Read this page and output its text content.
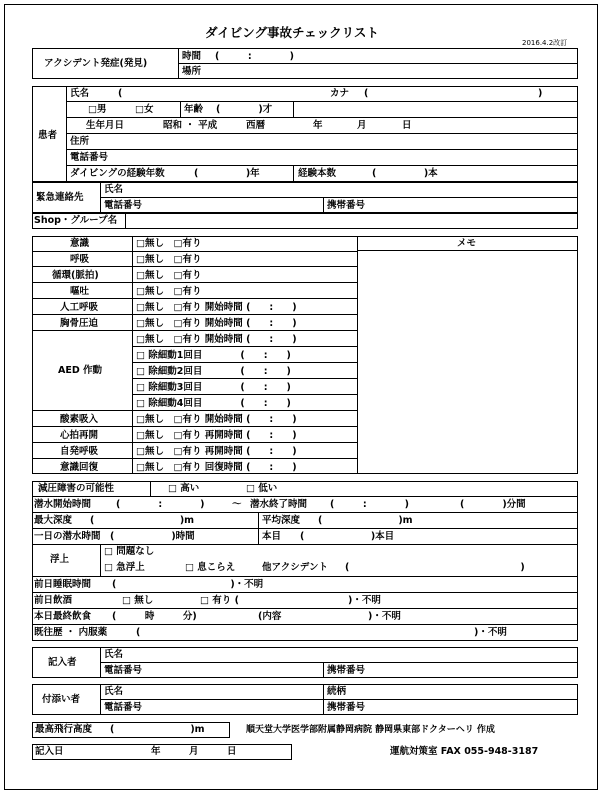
ダイビング事故チェックリスト
2016.4.2改訂
アクシデント発症(発見)
時間 (　　　:　　　　)
場所
患者
氏名	(	カナ (	)
□男	□女	年齢 (　　　　)才
生年月日	昭和 ・ 平成	西暦	年	月	日
住所
電話番号
ダイビングの経験年数	(　　　　　)年	経験本数	(　　　　　)本
緊急連絡先
氏名
電話番号	携帯番号
Shop・グループ名
メモ
意識	□無し　□有り
呼吸	□無し　□有り
循環(脈拍)	□無し　□有り
嘔吐	□無し　□有り
人工呼吸	□無し　□有り 開始時間 (　　:　　)
胸骨圧迫	□無し　□有り 開始時間 (　　:　　)
AED 作動
□無し　□有り 開始時間 (　　:　　)
□ 除細動1回目　　　　(　　:　　)
□ 除細動2回目　　　　(　　:　　)
□ 除細動3回目　　　　(　　:　　)
□ 除細動4回目　　　　(　　:　　)
酸素吸入	□無し　□有り 開始時間 (　　:　　)
心拍再開	□無し　□有り 再開時間 (　　:　　)
自発呼吸	□無し　□有り 再開時間 (　　:　　)
意識回復	□無し　□有り 回復時間 (　　:　　)
減圧障害の可能性	□ 高い	□ 低い
潜水開始時間	(　　　　:　　　　)	～ 潜水終了時間 (　　　:　　　　)	(　　　　)分間
最大深度 (　　　　　　　　　)m	平均深度 (　　　　　　　　)m
一日の潜水時間 (　　　　　　)時間	本目 (　　　　　　　)本目
浮上
□ 問題なし
□ 急浮上	□ 息こらえ	他アクシデント (　　　　　　　　　　　　　　　　　　)
前日睡眠時間 (　　　　　　　　　　　　)・不明
前日飲酒	□ 無し	□ 有り (	)・不明
本日最終飲食 (　　　時　　　分)	(内容	)・不明
既往歴 ・ 内服薬	(	)・不明
記入者
氏名
電話番号	携帯番号
付添い者
氏名	続柄
電話番号	携帯番号
最高飛行高度 (　　　　　　　　)m	順天堂大学医学部附属静岡病院 静岡県東部ドクターヘリ 作成
記入日	年　　　月　　　日	運航対策室 FAX 055-948-3187
